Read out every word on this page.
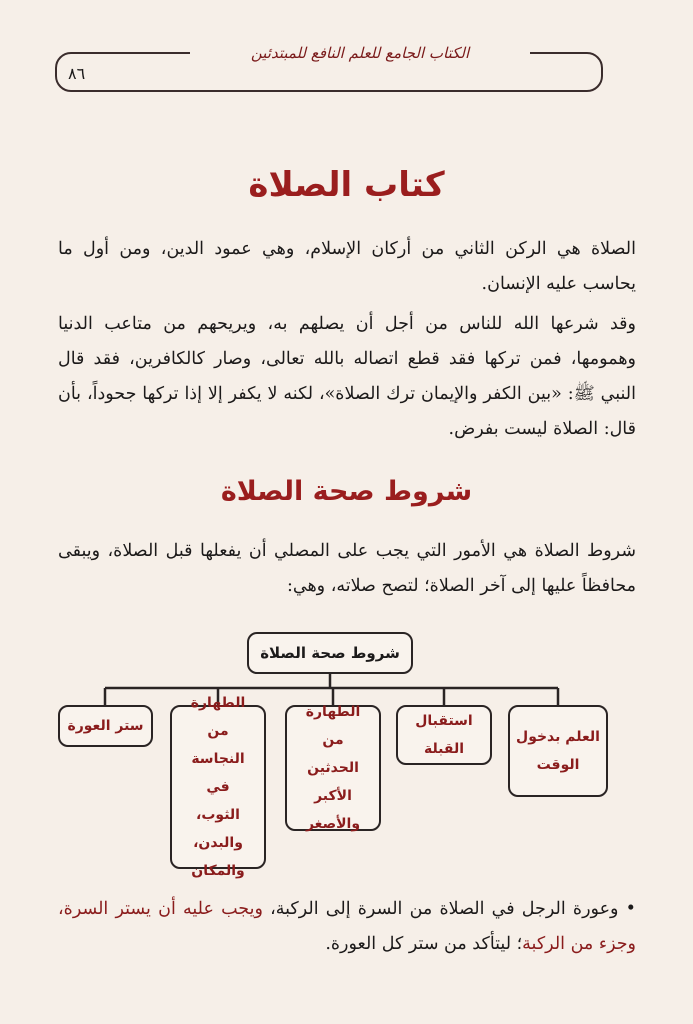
الكتاب الجامع للعلم النافع للمبتدئين
٨٦
كتاب الصلاة
الصلاة هي الركن الثاني من أركان الإسلام، وهي عمود الدين، ومن أول ما يحاسب عليه الإنسان.
وقد شرعها الله للناس من أجل أن يصلهم به، ويريحهم من متاعب الدنيا وهمومها، فمن تركها فقد قطع اتصاله بالله تعالى، وصار كالكافرين، فقد قال النبي ﷺ: «بين الكفر والإيمان ترك الصلاة»، لكنه لا يكفر إلا إذا تركها جحوداً، بأن قال: الصلاة ليست بفرض.
شروط صحة الصلاة
شروط الصلاة هي الأمور التي يجب على المصلي أن يفعلها قبل الصلاة، ويبقى محافظاً عليها إلى آخر الصلاة؛ لتصح صلاته، وهي:
شروط صحة الصلاة
العلم بدخول الوقت
استقبال القبلة
الطهارة من الحدثين الأكبر والأصغر
الطهارة من النجاسة في الثوب، والبدن، والمكان
ستر العورة
• وعورة الرجل في الصلاة من السرة إلى الركبة، ويجب عليه أن يستر السرة، وجزء من الركبة؛ ليتأكد من ستر كل العورة.
